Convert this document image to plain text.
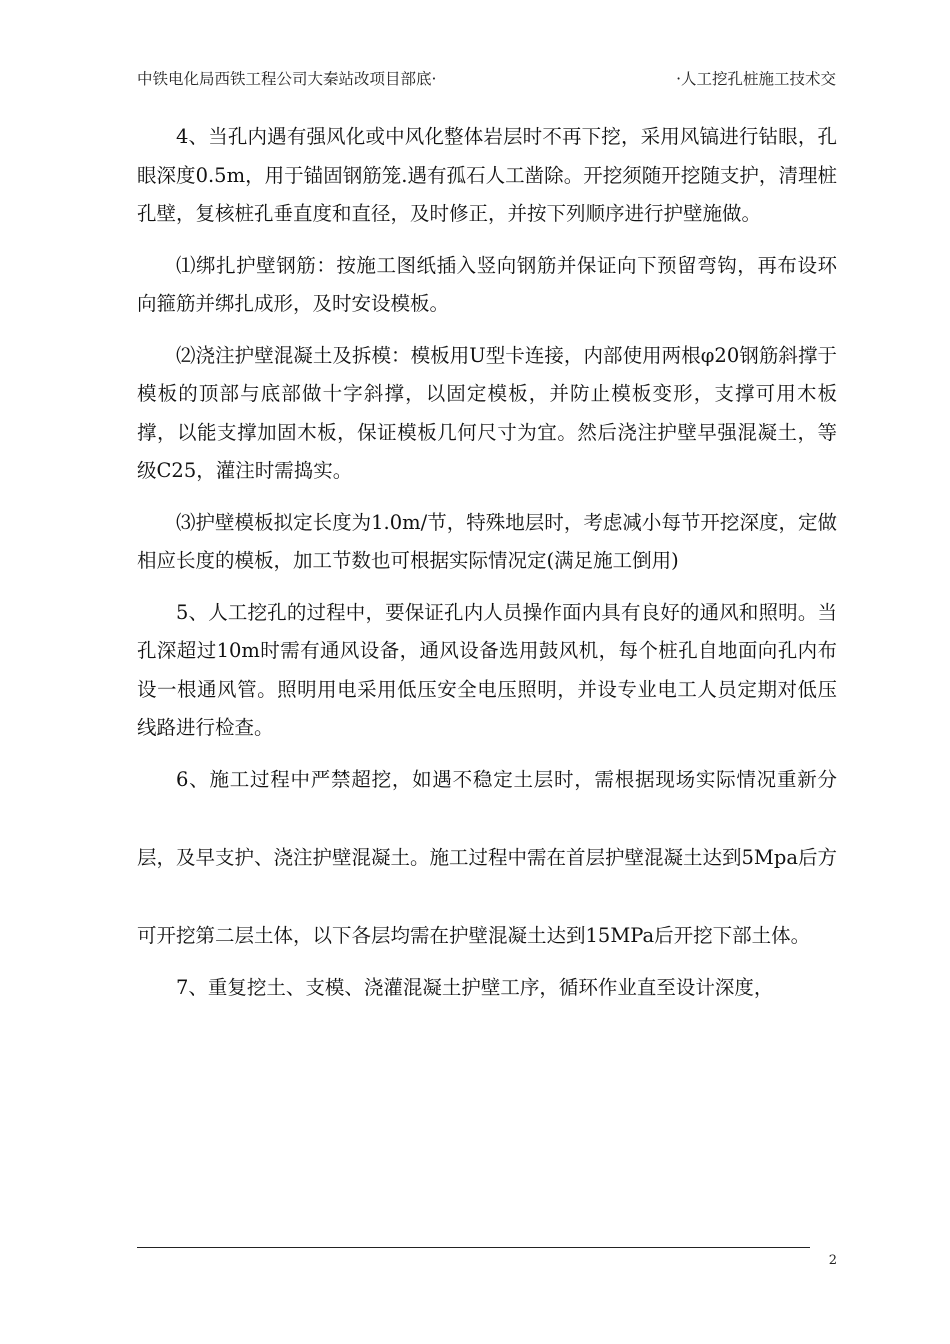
中铁电化局西铁工程公司大秦站改项目部底·	·人工挖孔桩施工技术交

4、当孔内遇有强风化或中风化整体岩层时不再下挖，采用风镐进行钻眼，孔眼深度0.5m，用于锚固钢筋笼.遇有孤石人工凿除。开挖须随开挖随支护，清理桩孔壁，复核桩孔垂直度和直径，及时修正，并按下列顺序进行护壁施做。

⑴绑扎护壁钢筋：按施工图纸插入竖向钢筋并保证向下预留弯钩，再布设环向箍筋并绑扎成形，及时安设模板。

⑵浇注护壁混凝土及拆模：模板用U型卡连接，内部使用两根φ20钢筋斜撑于模板的顶部与底部做十字斜撑，以固定模板，并防止模板变形，支撑可用木板撑，以能支撑加固木板，保证模板几何尺寸为宜。然后浇注护壁早强混凝土，等级C25，灌注时需捣实。

⑶护壁模板拟定长度为1.0m/节，特殊地层时，考虑减小每节开挖深度，定做相应长度的模板，加工节数也可根据实际情况定(满足施工倒用)

5、人工挖孔的过程中，要保证孔内人员操作面内具有良好的通风和照明。当孔深超过10m时需有通风设备，通风设备选用鼓风机，每个桩孔自地面向孔内布设一根通风管。照明用电采用低压安全电压照明，并设专业电工人员定期对低压线路进行检查。

6、施工过程中严禁超挖，如遇不稳定土层时，需根据现场实际情况重新分层，及早支护、浇注护壁混凝土。施工过程中需在首层护壁混凝土达到5Mpa后方可开挖第二层土体，以下各层均需在护壁混凝土达到15MPa后开挖下部土体。

7、重复挖土、支模、浇灌混凝土护壁工序，循环作业直至设计深度，

2
